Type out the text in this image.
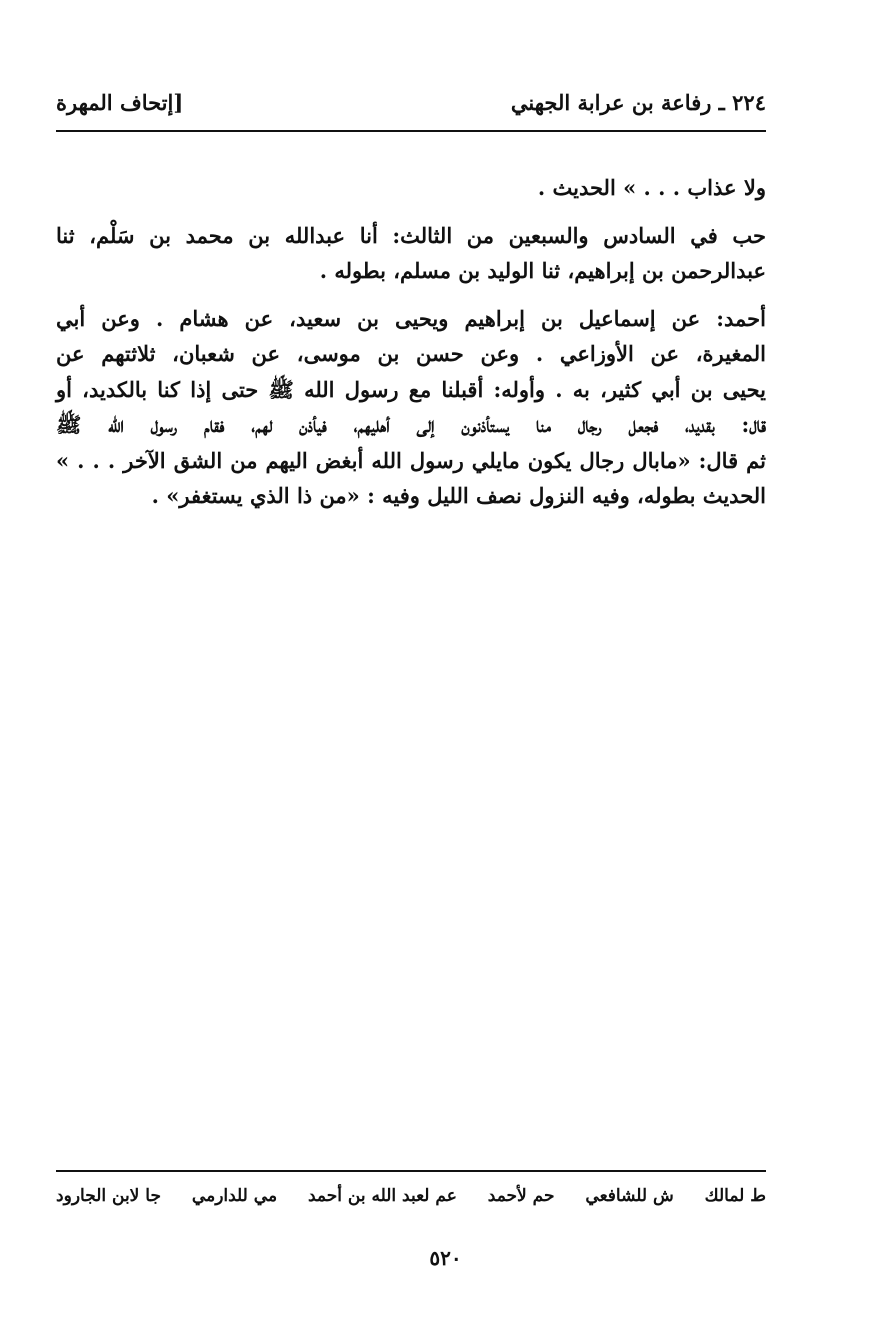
٢٢٤ ـ رفاعة بن عرابة الجهني
[إتحاف المهرة

ولا عذاب . . . » الحديث .

حب في السادس والسبعين من الثالث: أنا عبدالله بن محمد بن سَلْم، ثنا
عبدالرحمن بن إبراهيم، ثنا الوليد بن مسلم، بطوله .

أحمد: عن إسماعيل بن إبراهيم ويحيى بن سعيد، عن هشام . وعن أبي
المغيرة، عن الأوزاعي . وعن حسن بن موسى، عن شعبان، ثلاثتهم عن
يحيى بن أبي كثير، به . وأوله: أقبلنا مع رسول الله ﷺ حتى إذا كنا بالكديد، أو
قال: بقديد، فجعل رجال منا يستأذنون إلى أهليهم، فيأذن لهم، فقام رسول الله ﷺ
ثم قال: «مابال رجال يكون مايلي رسول الله أبغض اليهم من الشق الآخر . . . »
الحديث بطوله، وفيه النزول نصف الليل وفيه : «من ذا الذي يستغفر» .

ط لمالك
ش للشافعي
حم لأحمد
عم لعبد الله بن أحمد
مي للدارمي
جا لابن الجارود
٥٢٠
